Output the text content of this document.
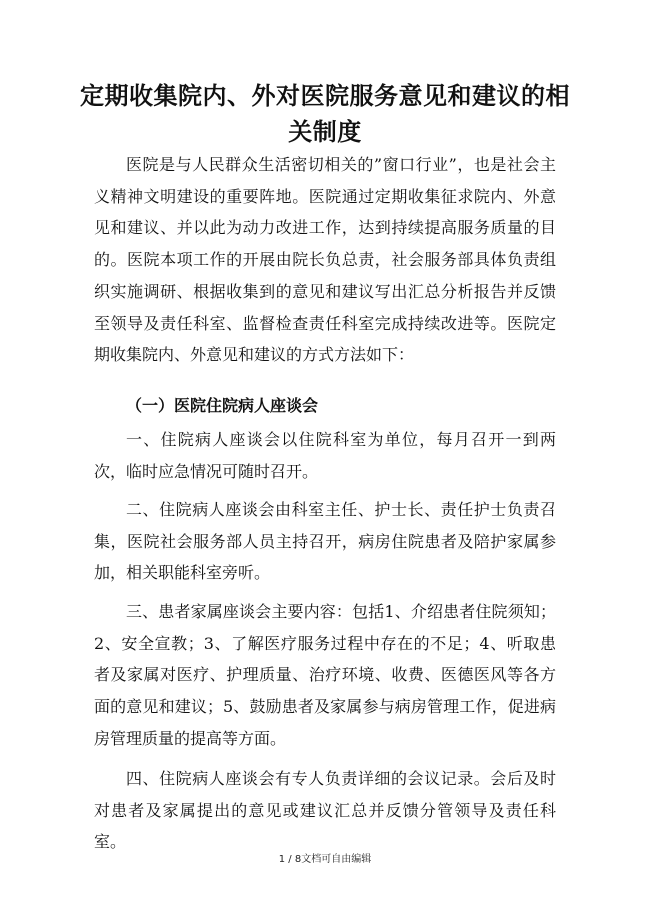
定期收集院内、外对医院服务意见和建议的相关制度

医院是与人民群众生活密切相关的”窗口行业”，也是社会主义精神文明建设的重要阵地。医院通过定期收集征求院内、外意见和建议、并以此为动力改进工作，达到持续提高服务质量的目的。医院本项工作的开展由院长负总责，社会服务部具体负责组织实施调研、根据收集到的意见和建议写出汇总分析报告并反馈至领导及责任科室、监督检查责任科室完成持续改进等。医院定期收集院内、外意见和建议的方式方法如下：

（一）医院住院病人座谈会

一、住院病人座谈会以住院科室为单位，每月召开一到两次，临时应急情况可随时召开。

二、住院病人座谈会由科室主任、护士长、责任护士负责召集，医院社会服务部人员主持召开，病房住院患者及陪护家属参加，相关职能科室旁听。

三、患者家属座谈会主要内容：包括1、介绍患者住院须知；2、安全宣教；3、了解医疗服务过程中存在的不足；4、听取患者及家属对医疗、护理质量、治疗环境、收费、医德医风等各方面的意见和建议；5、鼓励患者及家属参与病房管理工作，促进病房管理质量的提高等方面。

四、住院病人座谈会有专人负责详细的会议记录。会后及时对患者及家属提出的意见或建议汇总并反馈分管领导及责任科室。

1 / 8文档可自由编辑
